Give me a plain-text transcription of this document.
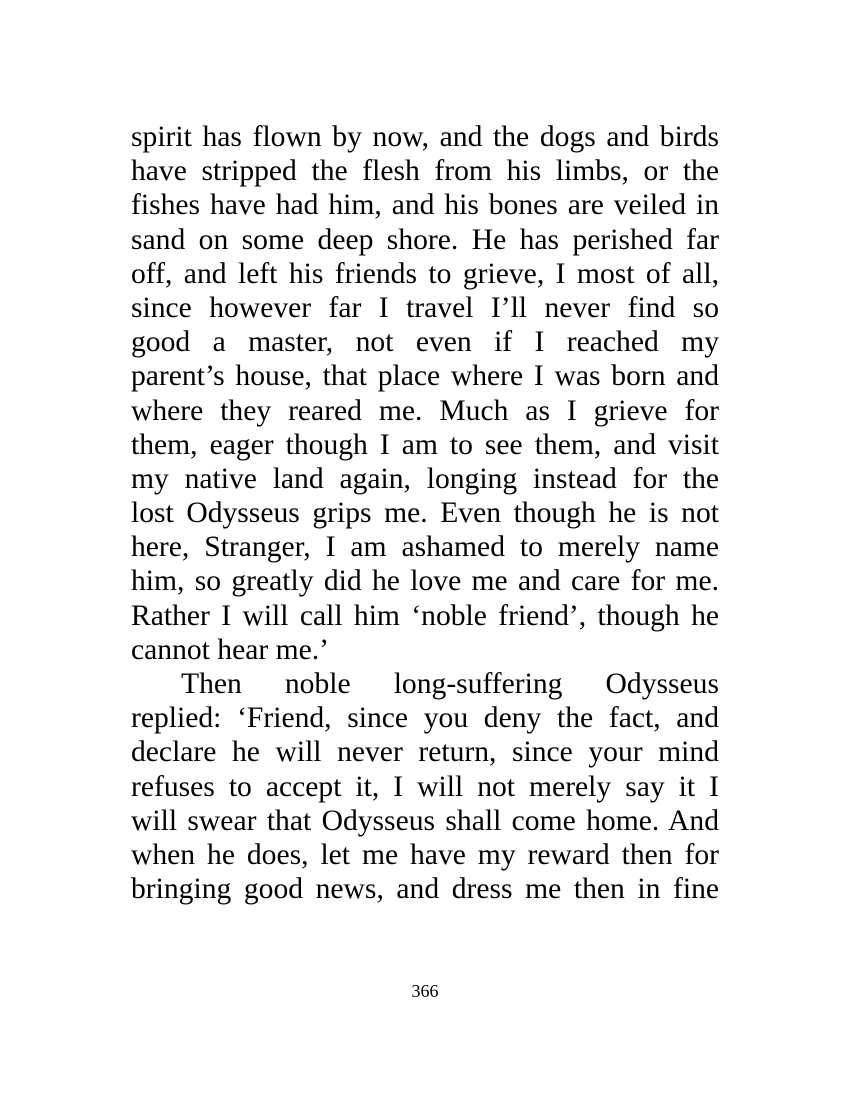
spirit has flown by now, and the dogs and birds
have stripped the flesh from his limbs, or the
fishes have had him, and his bones are veiled in
sand on some deep shore. He has perished far
off, and left his friends to grieve, I most of all,
since however far I travel I’ll never find so
good a master, not even if I reached my
parent’s house, that place where I was born and
where they reared me. Much as I grieve for
them, eager though I am to see them, and visit
my native land again, longing instead for the
lost Odysseus grips me. Even though he is not
here, Stranger, I am ashamed to merely name
him, so greatly did he love me and care for me.
Rather I will call him ‘noble friend’, though he
cannot hear me.’
Then noble long-suffering Odysseus
replied: ‘Friend, since you deny the fact, and
declare he will never return, since your mind
refuses to accept it, I will not merely say it I
will swear that Odysseus shall come home. And
when he does, let me have my reward then for
bringing good news, and dress me then in fine
366
